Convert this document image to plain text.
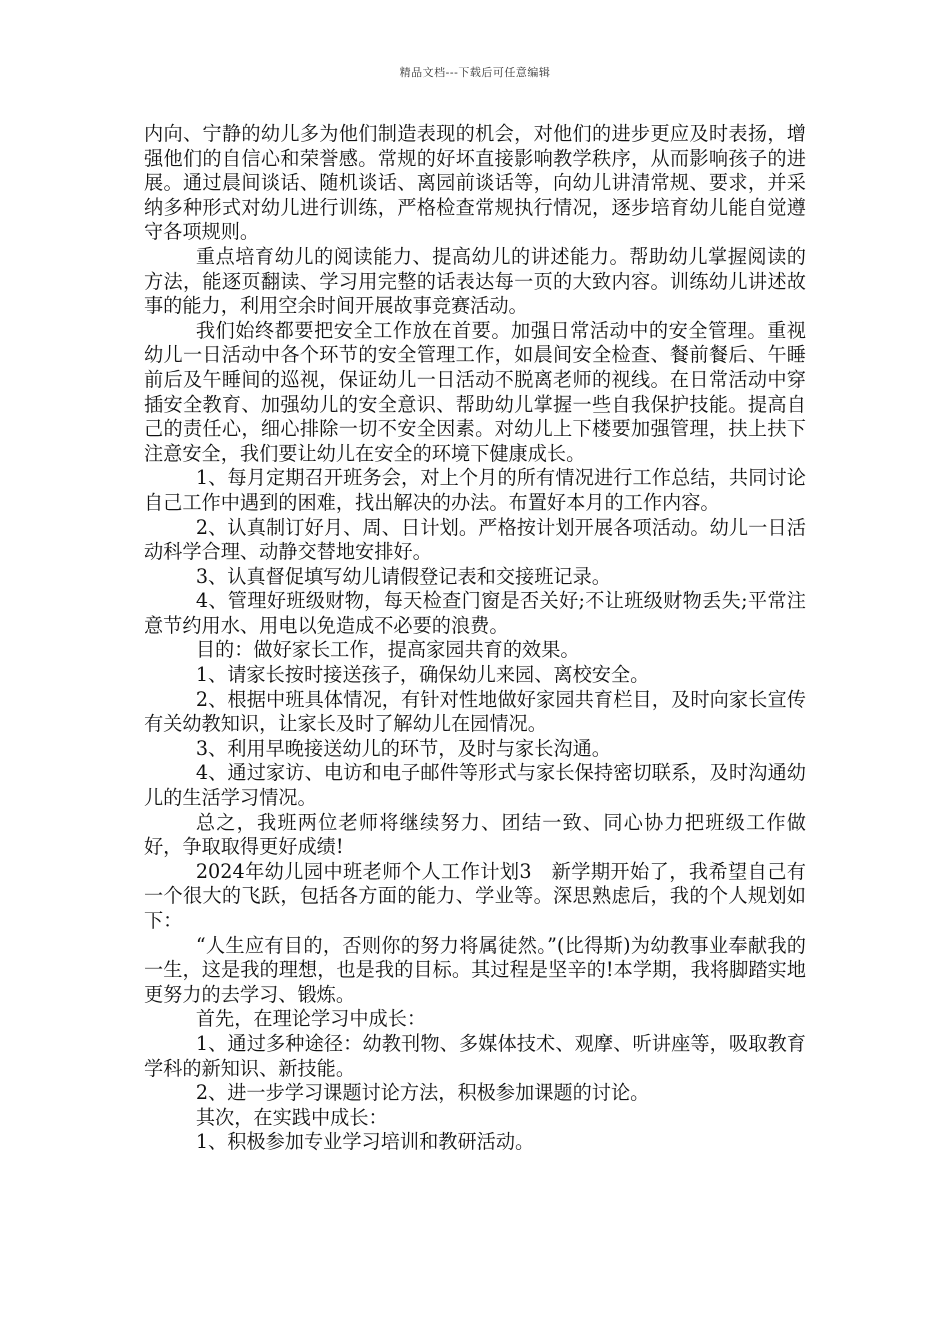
精品文档---下载后可任意编辑

内向、宁静的幼儿多为他们制造表现的机会，对他们的进步更应及时表扬，增强他们的自信心和荣誉感。常规的好坏直接影响教学秩序，从而影响孩子的进展。通过晨间谈话、随机谈话、离园前谈话等，向幼儿讲清常规、要求，并采纳多种形式对幼儿进行训练，严格检查常规执行情况，逐步培育幼儿能自觉遵守各项规则。

重点培育幼儿的阅读能力、提高幼儿的讲述能力。帮助幼儿掌握阅读的方法，能逐页翻读、学习用完整的话表达每一页的大致内容。训练幼儿讲述故事的能力，利用空余时间开展故事竞赛活动。

我们始终都要把安全工作放在首要。加强日常活动中的安全管理。重视幼儿一日活动中各个环节的安全管理工作，如晨间安全检查、餐前餐后、午睡前后及午睡间的巡视，保证幼儿一日活动不脱离老师的视线。在日常活动中穿插安全教育、加强幼儿的安全意识、帮助幼儿掌握一些自我保护技能。提高自己的责任心，细心排除一切不安全因素。对幼儿上下楼要加强管理，扶上扶下注意安全，我们要让幼儿在安全的环境下健康成长。

1、每月定期召开班务会，对上个月的所有情况进行工作总结，共同讨论自己工作中遇到的困难，找出解决的办法。布置好本月的工作内容。

2、认真制订好月、周、日计划。严格按计划开展各项活动。幼儿一日活动科学合理、动静交替地安排好。

3、认真督促填写幼儿请假登记表和交接班记录。

4、管理好班级财物，每天检查门窗是否关好;不让班级财物丢失;平常注意节约用水、用电以免造成不必要的浪费。

目的：做好家长工作，提高家园共育的效果。

1、请家长按时接送孩子，确保幼儿来园、离校安全。

2、根据中班具体情况，有针对性地做好家园共育栏目，及时向家长宣传有关幼教知识，让家长及时了解幼儿在园情况。

3、利用早晚接送幼儿的环节，及时与家长沟通。

4、通过家访、电访和电子邮件等形式与家长保持密切联系，及时沟通幼儿的生活学习情况。

总之，我班两位老师将继续努力、团结一致、同心协力把班级工作做好，争取取得更好成绩!

2024年幼儿园中班老师个人工作计划3　新学期开始了，我希望自己有一个很大的飞跃，包括各方面的能力、学业等。深思熟虑后，我的个人规划如下：

“人生应有目的，否则你的努力将属徒然。”(比得斯)为幼教事业奉献我的一生，这是我的理想，也是我的目标。其过程是坚辛的!本学期，我将脚踏实地更努力的去学习、锻炼。

首先，在理论学习中成长：

1、通过多种途径：幼教刊物、多媒体技术、观摩、听讲座等，吸取教育学科的新知识、新技能。

2、进一步学习课题讨论方法，积极参加课题的讨论。

其次，在实践中成长：

1、积极参加专业学习培训和教研活动。
